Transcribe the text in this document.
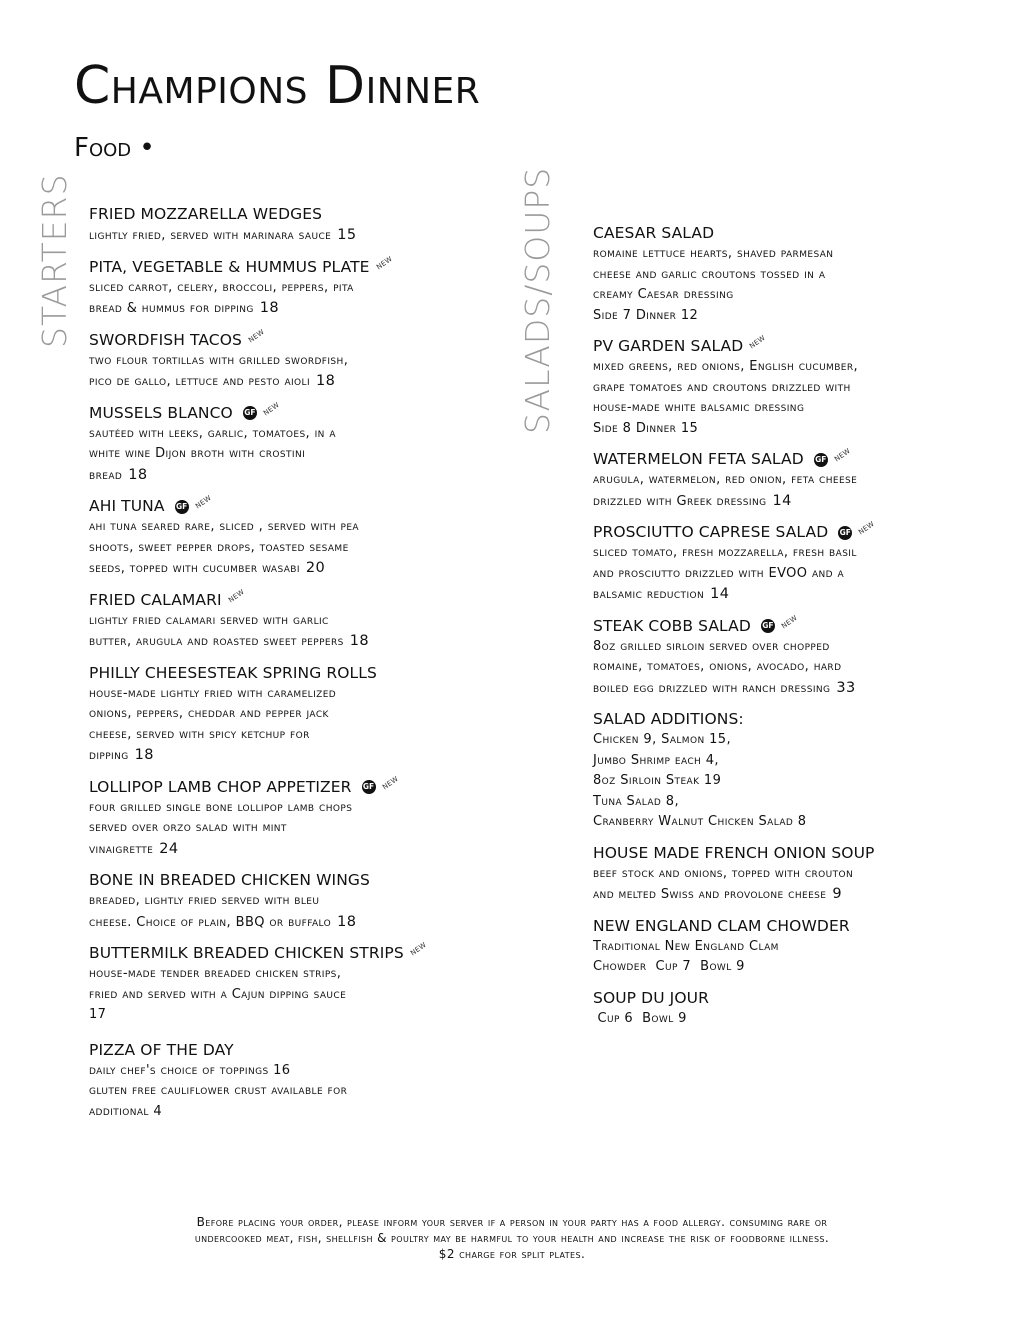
Champions Dinner
Food •
STARTERS	SALADS/SOUPS
FRIED MOZZARELLA WEDGES
lightly fried, served with marinara sauce 15
PITA, VEGETABLE & HUMMUS PLATE NEW
sliced carrot, celery, broccoli, peppers, pita
bread & hummus for dipping 18
SWORDFISH TACOS NEW
two flour tortillas with grilled swordfish,
pico de gallo, lettuce and pesto aioli 18
MUSSELS BLANCO GF NEW
sautéed with leeks, garlic, tomatoes, in a
white wine Dijon broth with crostini
bread 18
AHI TUNA GF NEW
ahi tuna seared rare, sliced , served with pea
shoots, sweet pepper drops, toasted sesame
seeds, topped with cucumber wasabi 20
FRIED CALAMARI NEW
lightly fried calamari served with garlic
butter, arugula and roasted sweet peppers 18
PHILLY CHEESESTEAK SPRING ROLLS
house-made lightly fried with caramelized
onions, peppers, cheddar and pepper jack
cheese, served with spicy ketchup for
dipping 18
LOLLIPOP LAMB CHOP APPETIZER GF NEW
four grilled single bone lollipop lamb chops
served over orzo salad with mint
vinaigrette 24
BONE IN BREADED CHICKEN WINGS
breaded, lightly fried served with bleu
cheese. Choice of plain, BBQ or buffalo 18
BUTTERMILK BREADED CHICKEN STRIPS NEW
house-made tender breaded chicken strips,
fried and served with a Cajun dipping sauce
17
PIZZA OF THE DAY
daily chef's choice of toppings 16
gluten free cauliflower crust available for
additional 4
CAESAR SALAD
romaine lettuce hearts, shaved parmesan
cheese and garlic croutons tossed in a
creamy Caesar dressing
Side 7 Dinner 12
PV GARDEN SALAD NEW
mixed greens, red onions, English cucumber,
grape tomatoes and croutons drizzled with
house-made white balsamic dressing
Side 8 Dinner 15
WATERMELON FETA SALAD GF NEW
arugula, watermelon, red onion, feta cheese
drizzled with Greek dressing 14
PROSCIUTTO CAPRESE SALAD GF NEW
sliced tomato, fresh mozzarella, fresh basil
and prosciutto drizzled with EVOO and a
balsamic reduction 14
STEAK COBB SALAD GF NEW
8oz grilled sirloin served over chopped
romaine, tomatoes, onions, avocado, hard
boiled egg drizzled with ranch dressing 33
SALAD ADDITIONS:
Chicken 9, Salmon 15,
Jumbo Shrimp each 4,
8oz Sirloin Steak 19
Tuna Salad 8,
Cranberry Walnut Chicken Salad 8
HOUSE MADE FRENCH ONION SOUP
beef stock and onions, topped with crouton
and melted Swiss and provolone cheese 9
NEW ENGLAND CLAM CHOWDER
Traditional New England Clam
Chowder  Cup 7  Bowl 9
SOUP DU JOUR
Cup 6  Bowl 9
Before placing your order, please inform your server if a person in your party has a food allergy. consuming rare or
undercooked meat, fish, shellfish & poultry may be harmful to your health and increase the risk of foodborne illness.
$2 charge for split plates.
